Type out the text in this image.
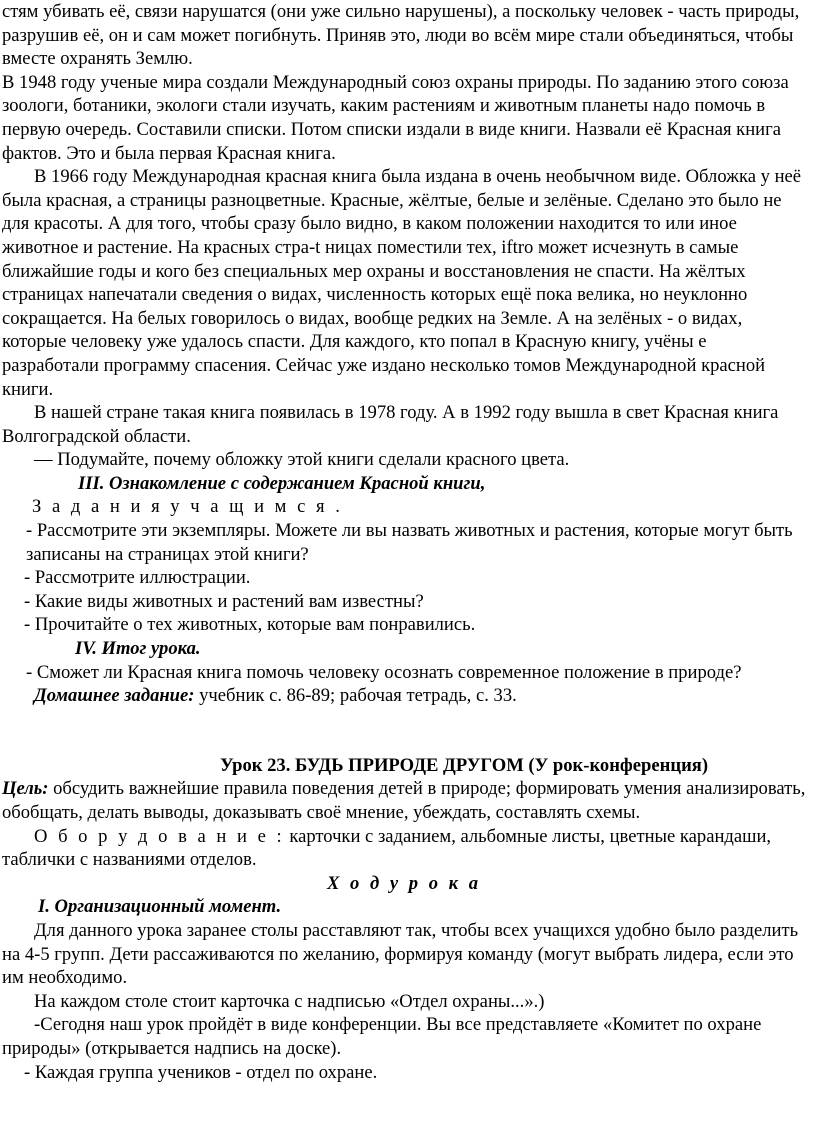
стям убивать её, связи нарушатся (они уже сильно нарушены), а поскольку человек - часть природы, разрушив её, он и сам может погибнуть. Приняв это, люди во всём мире стали объединяться, чтобы вместе охранять Землю.

В 1948 году ученые мира создали Международный союз охраны природы. По заданию этого союза зоологи, ботаники, экологи стали изучать, каким растениям и животным планеты надо помочь в первую очередь. Составили списки. Потом списки издали в виде книги. Назвали её Красная книга фактов. Это и была первая Красная книга.

В 1966 году Международная красная книга была издана в очень необычном виде. Обложка у неё была красная, а страницы разноцветные. Красные, жёлтые, белые и зелёные. Сделано это было не для красоты. А для того, чтобы сразу было видно, в каком положении находится то или иное животное и растение. На красных стра-t ницах поместили тех, iftro может исчезнуть в самые ближайшие годы и кого без специальных мер охраны и восстановления не спасти. На жёлтых страницах напечатали сведения о видах, численность которых ещё пока велика, но неуклонно сокращается. На белых говорилось о видах, вообще редких на Земле. А на зелёных - о видах, которые человеку уже удалось спасти. Для каждого, кто попал в Красную книгу, учёны е разработали программу спасения. Сейчас уже издано несколько томов Международной красной книги.

В нашей стране такая книга появилась в 1978 году. А в 1992 году вышла в свет Красная книга Волгоградской области.

— Подумайте, почему обложку этой книги сделали красного цвета.

III. Ознакомление с содержанием Красной книги,

З а д а н и я у ч а щ и м с я .

- Рассмотрите эти экземпляры. Можете ли вы назвать животных и растения, которые могут быть записаны на страницах этой книги?

- Рассмотрите иллюстрации.

- Какие виды животных и растений вам известны?

- Прочитайте о тех животных, которые вам понравились.

IV. Итог урока.

- Сможет ли Красная книга помочь человеку осознать современное положение в природе?

Домашнее задание: учебник с. 86-89; рабочая тетрадь, с. 33.

Урок 23. БУДЬ ПРИРОДЕ ДРУГОМ (У рок-конференция)

Цель: обсудить важнейшие правила поведения детей в природе; формировать умения анализировать, обобщать, делать выводы, доказывать своё мнение, убеждать, составлять схемы.

О б о р у д о в а н и е : карточки с заданием, альбомные листы, цветные карандаши, таблички с названиями отделов.

Х о д у р о к а

I. Организационный момент.

Для данного урока заранее столы расставляют так, чтобы всех учащихся удобно было разделить на 4-5 групп. Дети рассаживаются по желанию, формируя команду (могут выбрать лидера, если это им необходимо.

На каждом столе стоит карточка с надписью «Отдел охраны...».)

-Сегодня наш урок пройдёт в виде конференции. Вы все представляете «Комитет по охране природы» (открывается надпись на доске).

- Каждая группа учеников - отдел по охране.
